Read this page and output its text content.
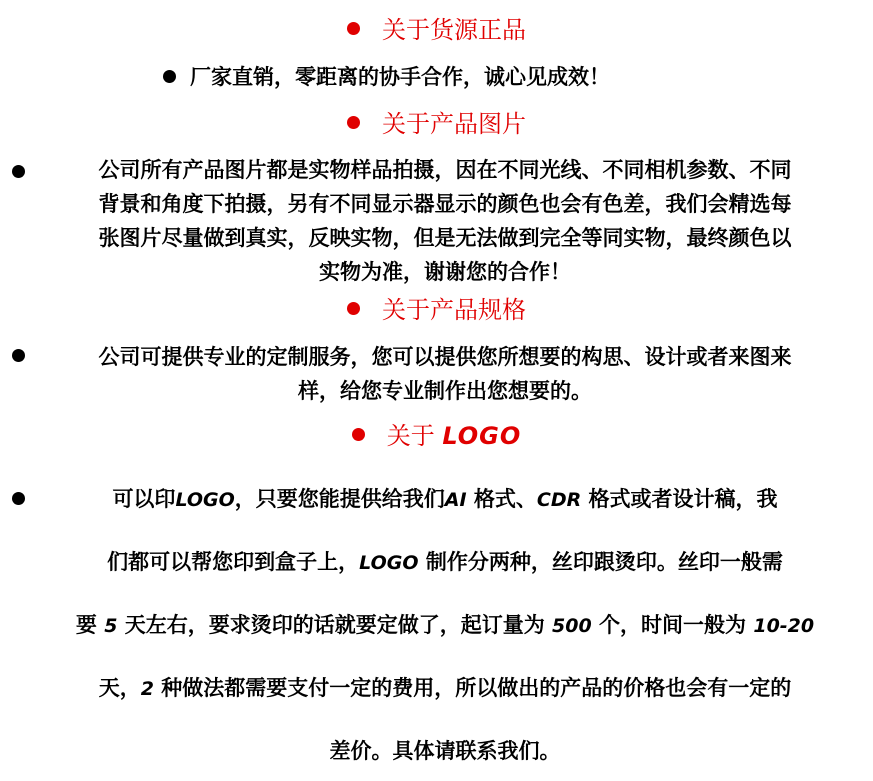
关于货源正品
厂家直销，零距离的协手合作，诚心见成效！
关于产品图片
公司所有产品图片都是实物样品拍摄，因在不同光线、不同相机参数、不同
背景和角度下拍摄，另有不同显示器显示的颜色也会有色差，我们会精选每
张图片尽量做到真实，反映实物，但是无法做到完全等同实物，最终颜色以
实物为准，谢谢您的合作！
关于产品规格
公司可提供专业的定制服务，您可以提供您所想要的构思、设计或者来图来
样，给您专业制作出您想要的。
关于 LOGO
可以印LOGO，只要您能提供给我们AI 格式、CDR 格式或者设计稿，我
们都可以帮您印到盒子上，LOGO 制作分两种，丝印跟烫印。丝印一般需
要 5 天左右，要求烫印的话就要定做了，起订量为 500 个，时间一般为 10-20
天，2 种做法都需要支付一定的费用，所以做出的产品的价格也会有一定的
差价。具体请联系我们。
